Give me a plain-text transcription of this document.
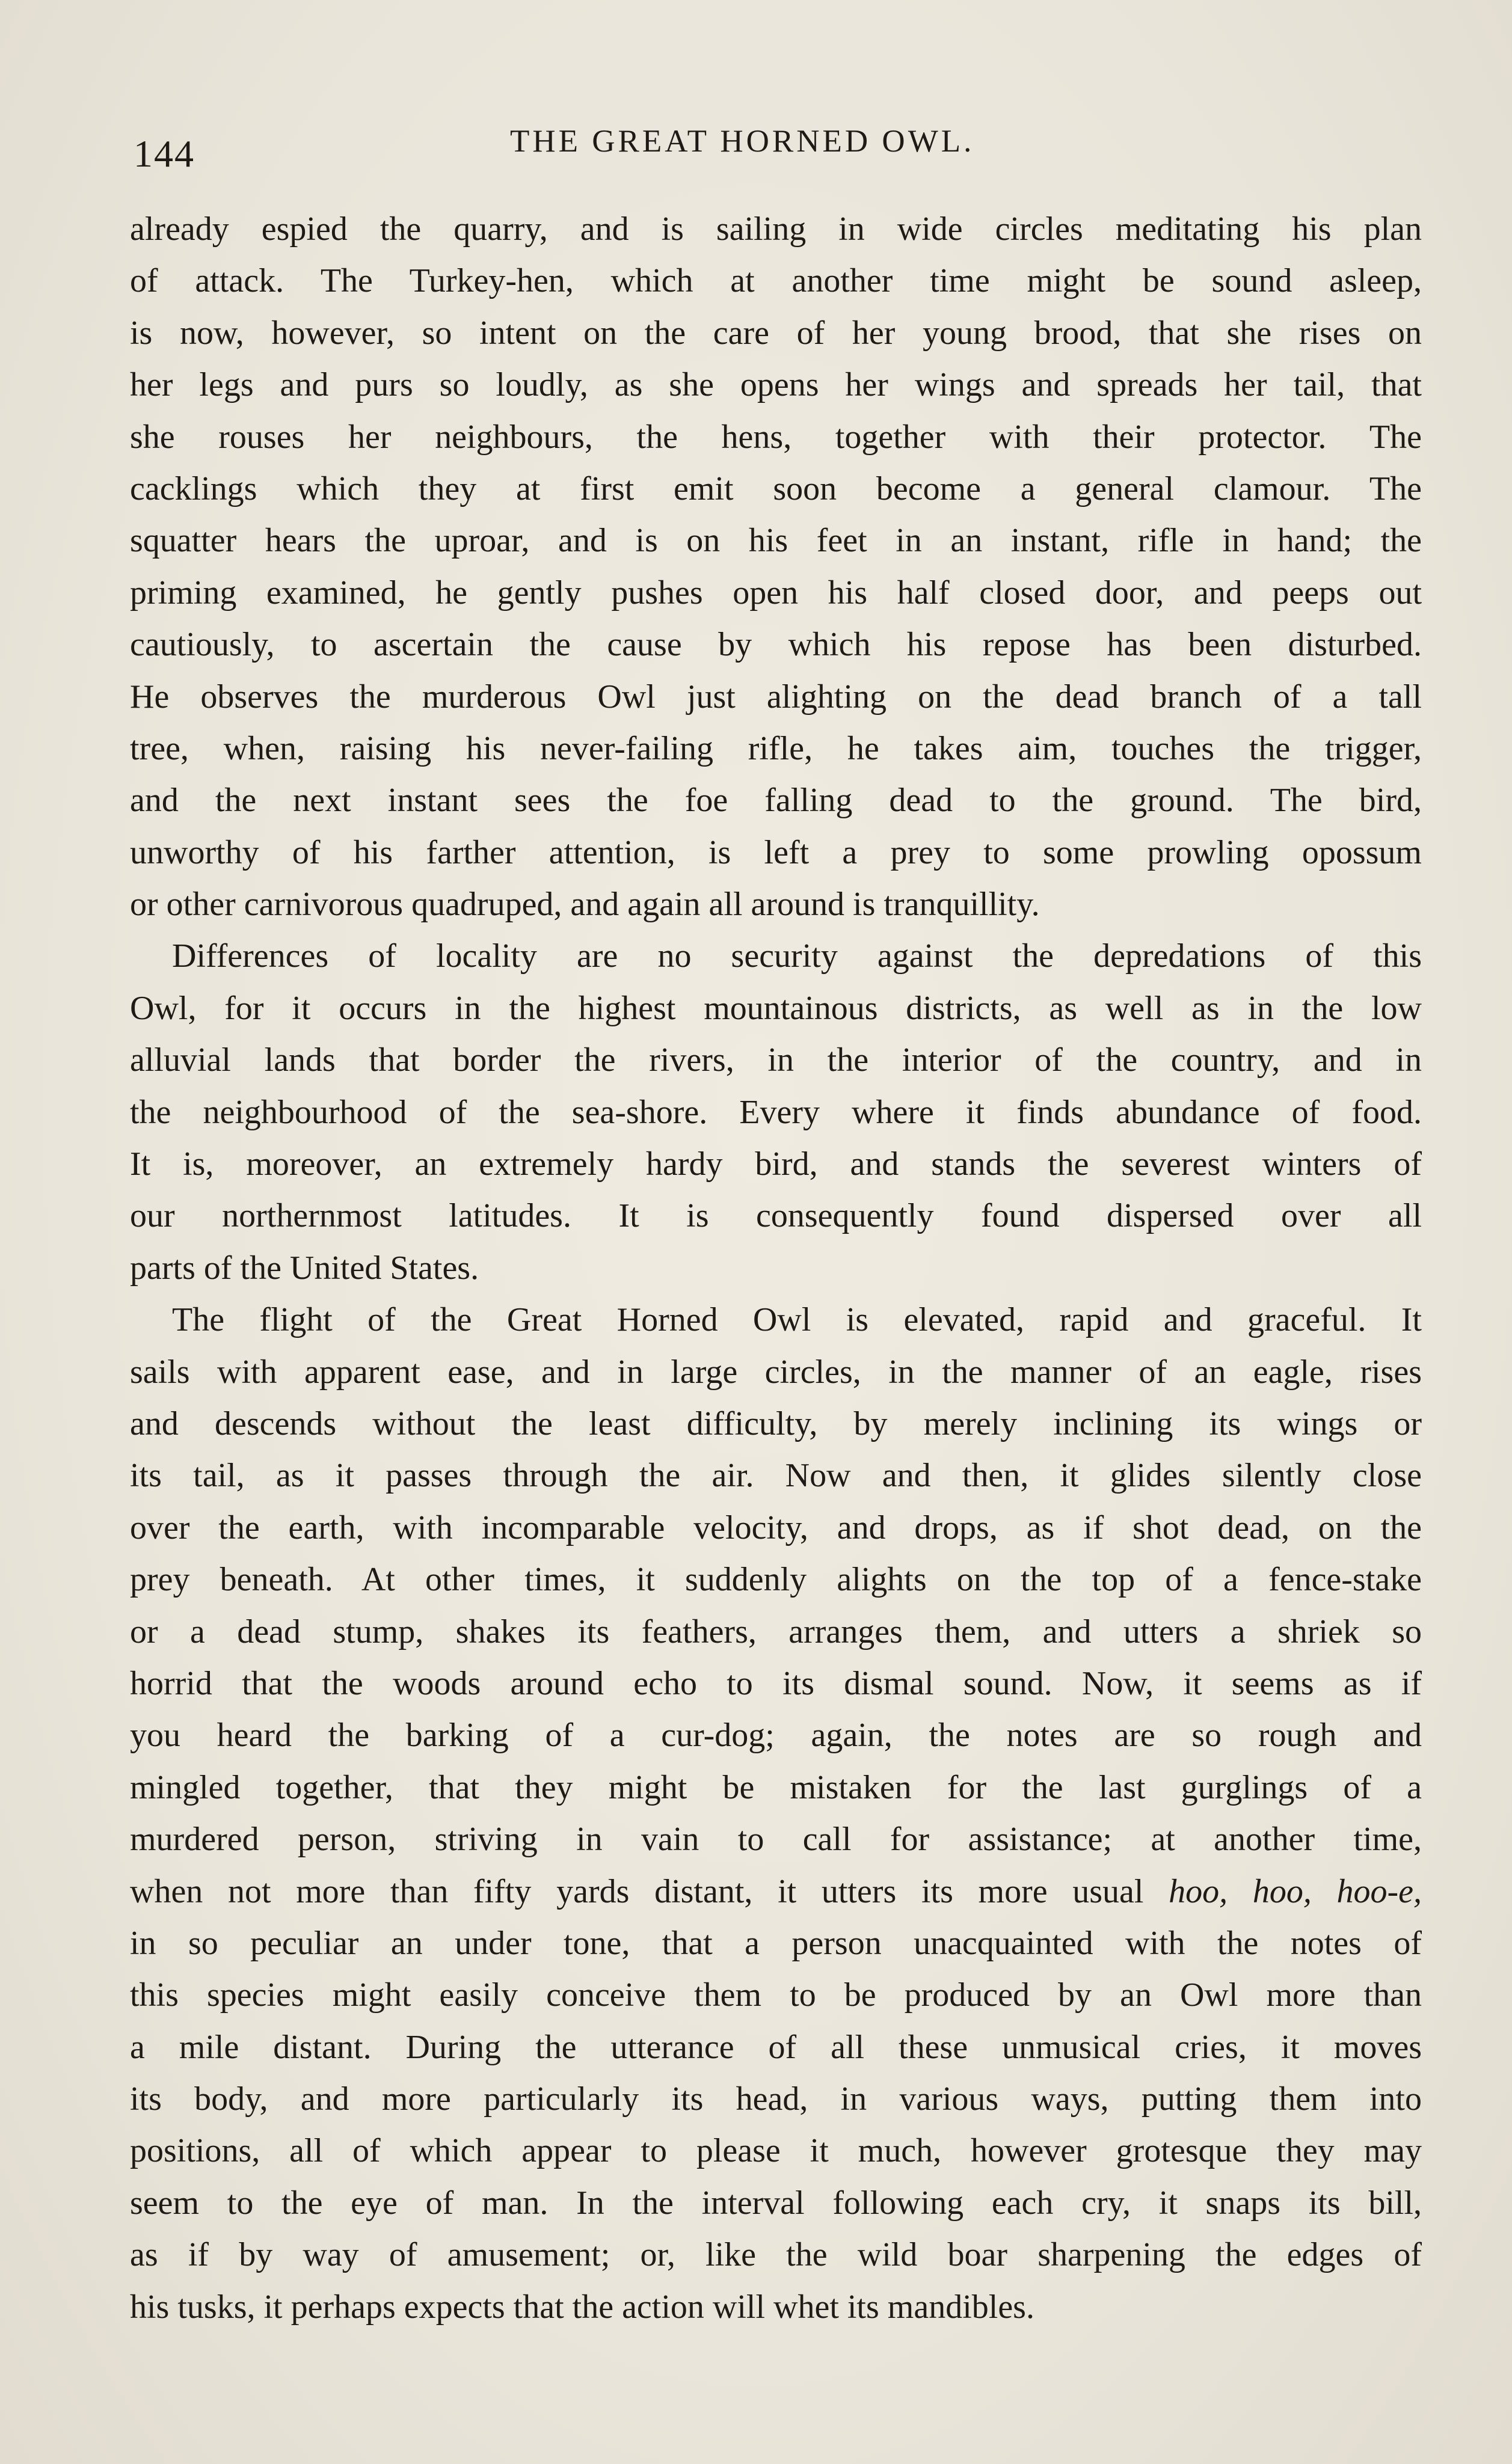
144	THE GREAT HORNED OWL.
already espied the quarry, and is sailing in wide circles meditating his plan
of attack. The Turkey-hen, which at another time might be sound asleep,
is now, however, so intent on the care of her young brood, that she rises on
her legs and purs so loudly, as she opens her wings and spreads her tail, that
she rouses her neighbours, the hens, together with their protector. The
cacklings which they at first emit soon become a general clamour. The
squatter hears the uproar, and is on his feet in an instant, rifle in hand; the
priming examined, he gently pushes open his half closed door, and peeps out
cautiously, to ascertain the cause by which his repose has been disturbed.
He observes the murderous Owl just alighting on the dead branch of a tall
tree, when, raising his never-failing rifle, he takes aim, touches the trigger,
and the next instant sees the foe falling dead to the ground. The bird,
unworthy of his farther attention, is left a prey to some prowling opossum
or other carnivorous quadruped, and again all around is tranquillity.
Differences of locality are no security against the depredations of this
Owl, for it occurs in the highest mountainous districts, as well as in the low
alluvial lands that border the rivers, in the interior of the country, and in
the neighbourhood of the sea-shore. Every where it finds abundance of food.
It is, moreover, an extremely hardy bird, and stands the severest winters of
our northernmost latitudes. It is consequently found dispersed over all
parts of the United States.
The flight of the Great Horned Owl is elevated, rapid and graceful. It
sails with apparent ease, and in large circles, in the manner of an eagle, rises
and descends without the least difficulty, by merely inclining its wings or
its tail, as it passes through the air. Now and then, it glides silently close
over the earth, with incomparable velocity, and drops, as if shot dead, on the
prey beneath. At other times, it suddenly alights on the top of a fence-stake
or a dead stump, shakes its feathers, arranges them, and utters a shriek so
horrid that the woods around echo to its dismal sound. Now, it seems as if
you heard the barking of a cur-dog; again, the notes are so rough and
mingled together, that they might be mistaken for the last gurglings of a
murdered person, striving in vain to call for assistance; at another time,
when not more than fifty yards distant, it utters its more usual hoo, hoo, hoo-e,
in so peculiar an under tone, that a person unacquainted with the notes of
this species might easily conceive them to be produced by an Owl more than
a mile distant. During the utterance of all these unmusical cries, it moves
its body, and more particularly its head, in various ways, putting them into
positions, all of which appear to please it much, however grotesque they may
seem to the eye of man. In the interval following each cry, it snaps its bill,
as if by way of amusement; or, like the wild boar sharpening the edges of
his tusks, it perhaps expects that the action will whet its mandibles.
